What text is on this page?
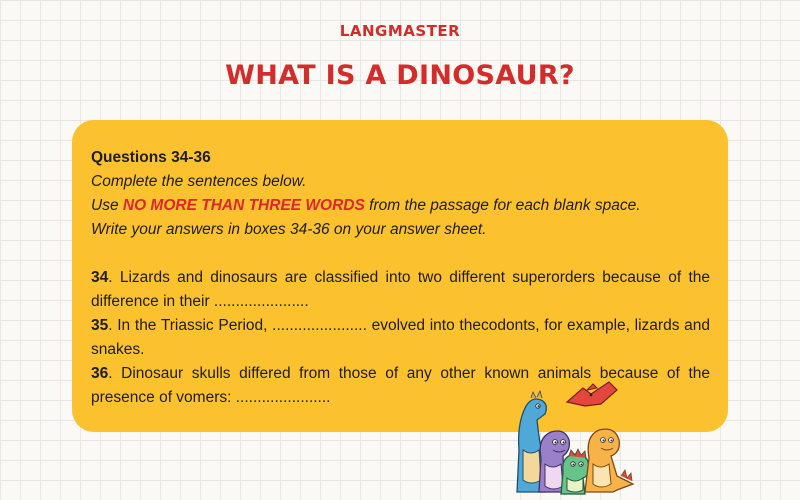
LANGMASTER
WHAT IS A DINOSAUR?

Questions 34-36

Complete the sentences below.

Use NO MORE THAN THREE WORDS from the passage for each blank space.

Write your answers in boxes 34-36 on your answer sheet.

34. Lizards and dinosaurs are classified into two different superorders because of the difference in their ......................

35. In the Triassic Period, ...................... evolved into thecodonts, for example, lizards and snakes.

36. Dinosaur skulls differed from those of any other known animals because of the presence of vomers: ......................
